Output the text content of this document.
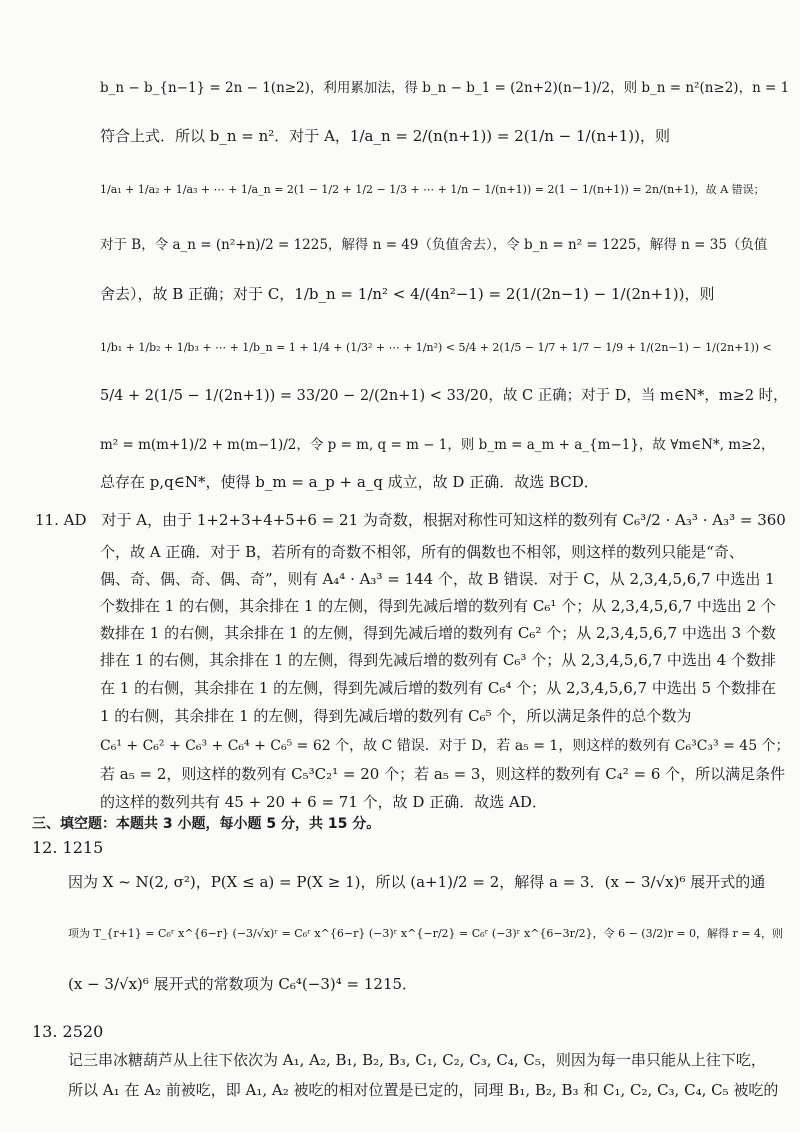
b_n − b_{n−1} = 2n − 1(n≥2)，利用累加法，得 b_n − b_1 = (2n+2)(n−1)/2，则 b_n = n²(n≥2)，n = 1
符合上式．所以 b_n = n²．对于 A，1/a_n = 2/(n(n+1)) = 2(1/n − 1/(n+1))，则
1/a₁ + 1/a₂ + 1/a₃ + ⋯ + 1/a_n = 2(1 − 1/2 + 1/2 − 1/3 + ⋯ + 1/n − 1/(n+1)) = 2(1 − 1/(n+1)) = 2n/(n+1)，故 A 错误；
对于 B，令 a_n = (n²+n)/2 = 1225，解得 n = 49（负值舍去），令 b_n = n² = 1225，解得 n = 35（负值
舍去），故 B 正确；对于 C，1/b_n = 1/n² < 4/(4n²−1) = 2(1/(2n−1) − 1/(2n+1))，则
1/b₁ + 1/b₂ + 1/b₃ + ⋯ + 1/b_n = 1 + 1/4 + (1/3² + ⋯ + 1/n²) < 5/4 + 2(1/5 − 1/7 + 1/7 − 1/9 + 1/(2n−1) − 1/(2n+1)) <
5/4 + 2(1/5 − 1/(2n+1)) = 33/20 − 2/(2n+1) < 33/20，故 C 正确；对于 D，当 m∈N*，m≥2 时，
m² = m(m+1)/2 + m(m−1)/2，令 p = m, q = m − 1，则 b_m = a_m + a_{m−1}，故 ∀m∈N*, m≥2，
总存在 p,q∈N*，使得 b_m = a_p + a_q 成立，故 D 正确．故选 BCD．
11. AD　对于 A，由于 1+2+3+4+5+6 = 21 为奇数，根据对称性可知这样的数列有 C₆³/2 · A₃³ · A₃³ = 360
个，故 A 正确．对于 B，若所有的奇数不相邻，所有的偶数也不相邻，则这样的数列只能是“奇、
偶、奇、偶、奇、偶、奇”，则有 A₄⁴ · A₃³ = 144 个，故 B 错误．对于 C，从 2,3,4,5,6,7 中选出 1
个数排在 1 的右侧，其余排在 1 的左侧，得到先减后增的数列有 C₆¹ 个；从 2,3,4,5,6,7 中选出 2 个
数排在 1 的右侧，其余排在 1 的左侧，得到先减后增的数列有 C₆² 个；从 2,3,4,5,6,7 中选出 3 个数
排在 1 的右侧，其余排在 1 的左侧，得到先减后增的数列有 C₆³ 个；从 2,3,4,5,6,7 中选出 4 个数排
在 1 的右侧，其余排在 1 的左侧，得到先减后增的数列有 C₆⁴ 个；从 2,3,4,5,6,7 中选出 5 个数排在
1 的右侧，其余排在 1 的左侧，得到先减后增的数列有 C₆⁵ 个，所以满足条件的总个数为
C₆¹ + C₆² + C₆³ + C₆⁴ + C₆⁵ = 62 个，故 C 错误．对于 D，若 a₅ = 1，则这样的数列有 C₆³C₃³ = 45 个；
若 a₅ = 2，则这样的数列有 C₅³C₂¹ = 20 个；若 a₅ = 3，则这样的数列有 C₄² = 6 个，所以满足条件
的这样的数列共有 45 + 20 + 6 = 71 个，故 D 正确．故选 AD．
三、填空题：本题共 3 小题，每小题 5 分，共 15 分。
12. 1215
因为 X ~ N(2, σ²)，P(X ≤ a) = P(X ≥ 1)，所以 (a+1)/2 = 2，解得 a = 3．(x − 3/√x)⁶ 展开式的通
项为 T_{r+1} = C₆ʳ x^{6−r} (−3/√x)ʳ = C₆ʳ x^{6−r} (−3)ʳ x^{−r/2} = C₆ʳ (−3)ʳ x^{6−3r/2}，令 6 − (3/2)r = 0，解得 r = 4，则
(x − 3/√x)⁶ 展开式的常数项为 C₆⁴(−3)⁴ = 1215．
13. 2520
记三串冰糖葫芦从上往下依次为 A₁, A₂, B₁, B₂, B₃, C₁, C₂, C₃, C₄, C₅，则因为每一串只能从上往下吃，
所以 A₁ 在 A₂ 前被吃，即 A₁, A₂ 被吃的相对位置是已定的，同理 B₁, B₂, B₃ 和 C₁, C₂, C₃, C₄, C₅ 被吃的
